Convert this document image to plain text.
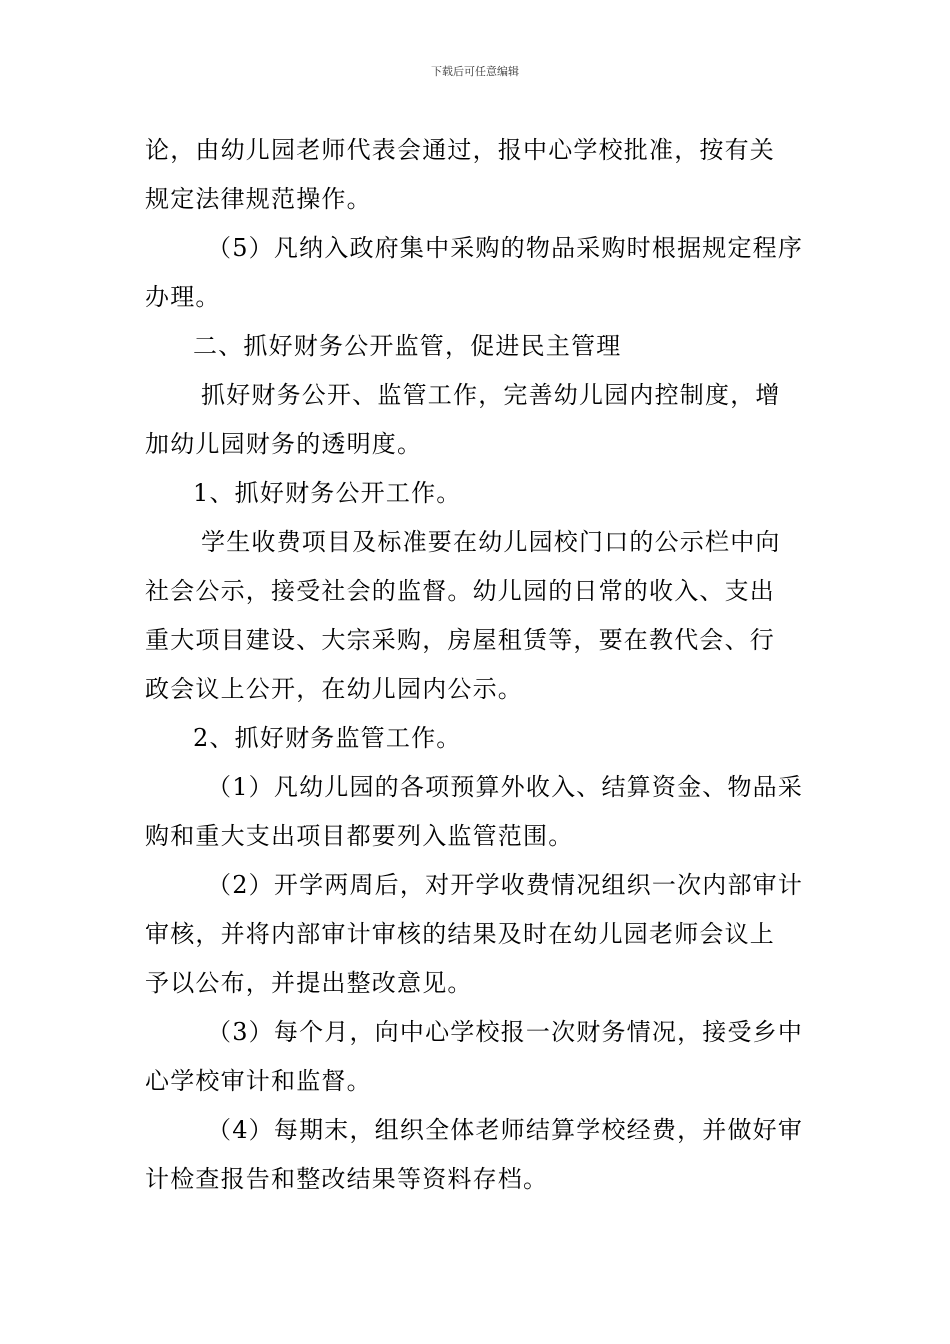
下载后可任意编辑
论，由幼儿园老师代表会通过，报中心学校批准，按有关
规定法律规范操作。
（5）凡纳入政府集中采购的物品采购时根据规定程序
办理。
二、抓好财务公开监管，促进民主管理
抓好财务公开、监管工作，完善幼儿园内控制度，增
加幼儿园财务的透明度。
1、抓好财务公开工作。
学生收费项目及标准要在幼儿园校门口的公示栏中向
社会公示，接受社会的监督。幼儿园的日常的收入、支出
重大项目建设、大宗采购，房屋租赁等，要在教代会、行
政会议上公开，在幼儿园内公示。
2、抓好财务监管工作。
（1）凡幼儿园的各项预算外收入、结算资金、物品采
购和重大支出项目都要列入监管范围。
（2）开学两周后，对开学收费情况组织一次内部审计
审核，并将内部审计审核的结果及时在幼儿园老师会议上
予以公布，并提出整改意见。
（3）每个月，向中心学校报一次财务情况，接受乡中
心学校审计和监督。
（4）每期末，组织全体老师结算学校经费，并做好审
计检查报告和整改结果等资料存档。
